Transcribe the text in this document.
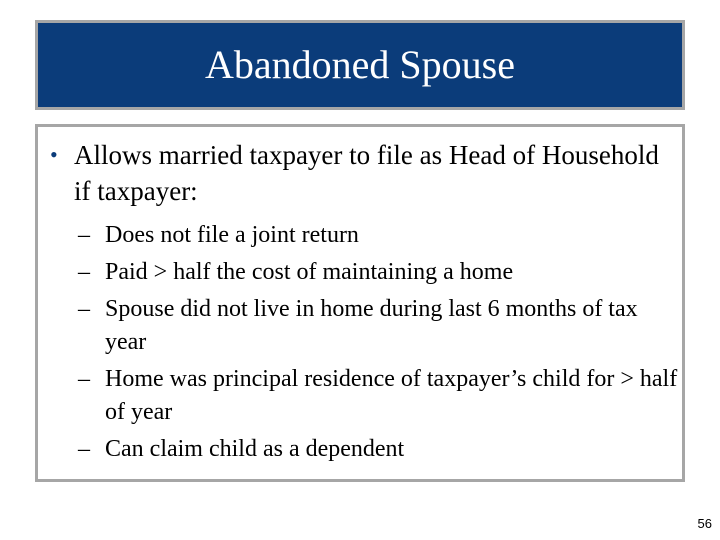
Abandoned Spouse
• Allows married taxpayer to file as Head of Household if taxpayer:
– Does not file a joint return
– Paid > half the cost of maintaining a home
– Spouse did not live in home during last 6 months of tax year
– Home was principal residence of taxpayer’s child for > half of year
– Can claim child as a dependent
56
